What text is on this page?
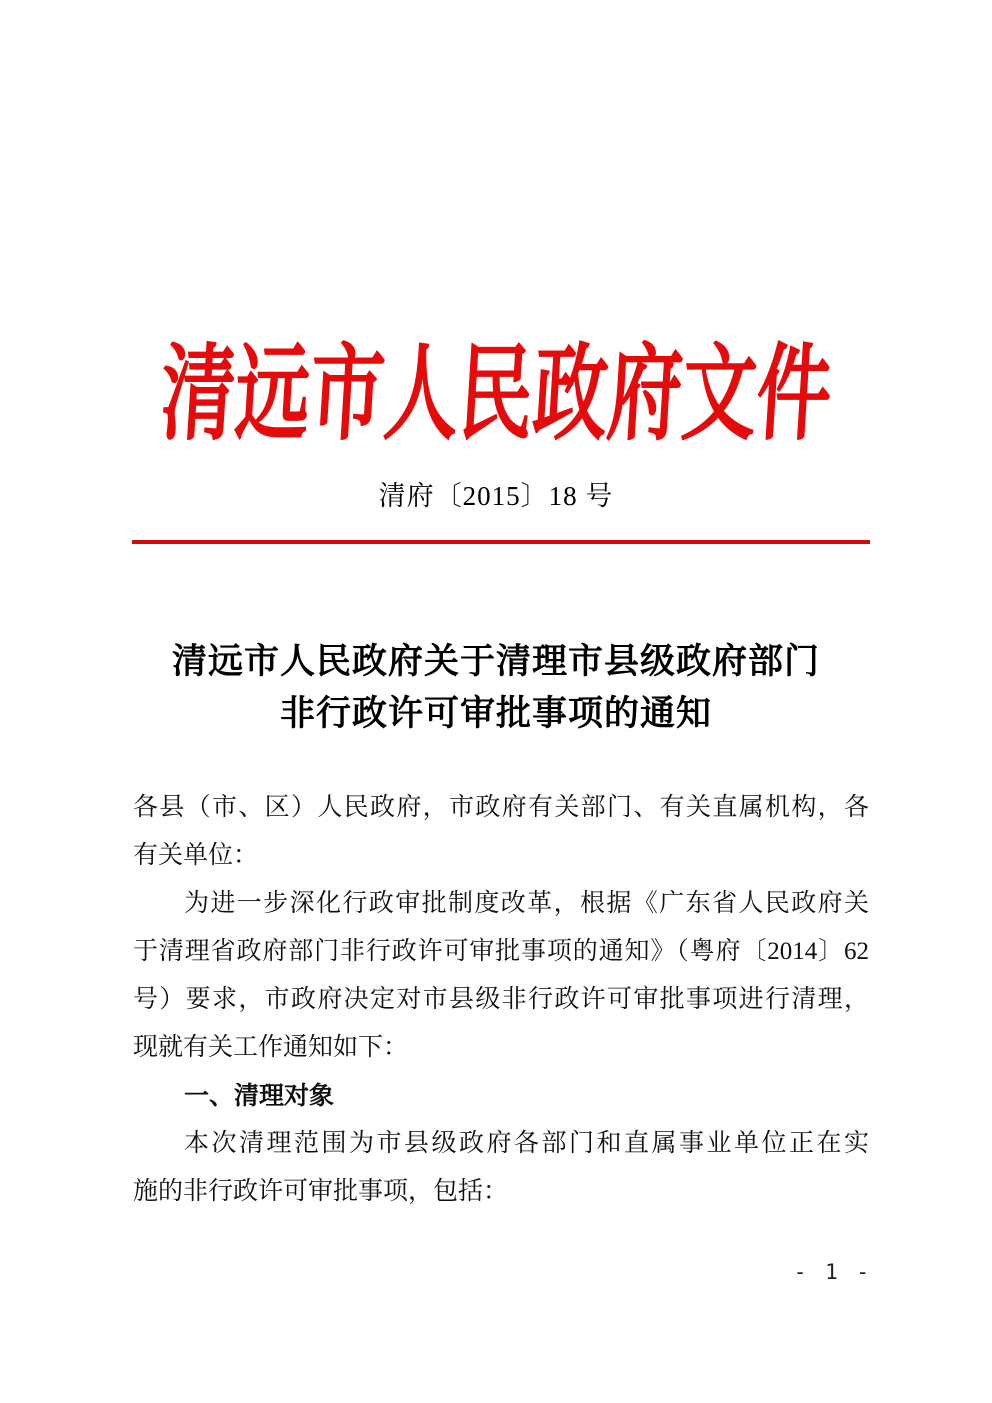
清远市人民政府文件
清府〔2015〕18 号
清远市人民政府关于清理市县级政府部门
非行政许可审批事项的通知
各县（市、区）人民政府，市政府有关部门、有关直属机构，各
有关单位：
为进一步深化行政审批制度改革，根据《广东省人民政府关
于清理省政府部门非行政许可审批事项的通知》（粤府〔2014〕62
号）要求，市政府决定对市县级非行政许可审批事项进行清理，
现就有关工作通知如下：
一、清理对象
本次清理范围为市县级政府各部门和直属事业单位正在实
施的非行政许可审批事项，包括：
- 1 -
